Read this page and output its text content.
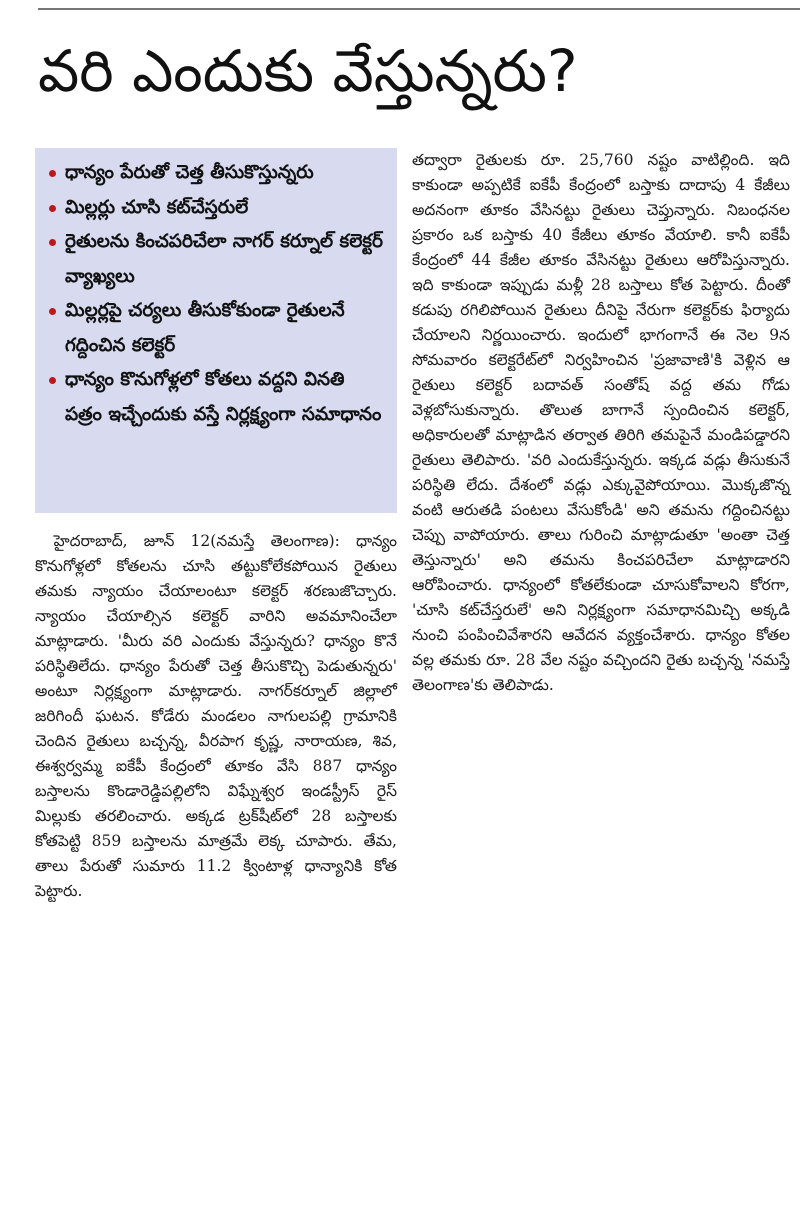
వరి ఎందుకు వేస్తున్నరు?
ధాన్యం పేరుతో చెత్త తీసుకొస్తున్నరు
మిల్లర్లు చూసి కట్‌చేస్తరులే
రైతులను కించపరిచేలా నాగర్ కర్నూల్ కలెక్టర్ వ్యాఖ్యలు
మిల్లర్లపై చర్యలు తీసుకోకుండా రైతులనే గద్దించిన కలెక్టర్
ధాన్యం కొనుగోళ్లలో కోతలు వద్దని వినతి పత్రం ఇచ్చేందుకు వస్తే నిర్లక్ష్యంగా సమాధానం

హైదరాబాద్, జూన్ 12(నమస్తే తెలంగాణ): ధాన్యం కొనుగోళ్లలో కోతలను చూసి తట్టుకోలేకపోయిన రైతులు తమకు న్యాయం చేయాలంటూ కలెక్టర్ శరణుజొచ్చారు. న్యాయం చేయాల్సిన కలెక్టర్ వారిని అవమానించేలా మాట్లాడారు. 'మీరు వరి ఎందుకు వేస్తున్నరు? ధాన్యం కొనే పరిస్థితిలేదు. ధాన్యం పేరుతో చెత్త తీసుకొచ్చి పెడుతున్నరు' అంటూ నిర్లక్ష్యంగా మాట్లాడారు. నాగర్‌కర్నూల్ జిల్లాలో జరిగిందీ ఘటన. కోడేరు మండలం నాగులపల్లి గ్రామానికి చెందిన రైతులు బచ్చన్న, వీరపాగ కృష్ణ, నారాయణ, శివ, ఈశ్వర్వమ్మ ఐకేపీ కేంద్రంలో తూకం వేసి 887 ధాన్యం బస్తాలను కొండారెడ్డిపల్లిలోని విఘ్నేశ్వర ఇండస్ట్రీస్ రైస్ మిల్లుకు తరలించారు. అక్కడ ట్రక్‌షీట్‌లో 28 బస్తాలకు కోతపెట్టి 859 బస్తాలను మాత్రమే లెక్క చూపారు. తేమ, తాలు పేరుతో సుమారు 11.2 క్వింటాళ్ల ధాన్యానికి కోత పెట్టారు.

తద్వారా రైతులకు రూ. 25,760 నష్టం వాటిల్లింది. ఇది కాకుండా అప్పటికే ఐకేపీ కేంద్రంలో బస్తాకు దాదాపు 4 కేజీలు అదనంగా తూకం వేసినట్టు రైతులు చెప్తున్నారు. నిబంధనల ప్రకారం ఒక బస్తాకు 40 కేజీలు తూకం వేయాలి. కానీ ఐకేపీ కేంద్రంలో 44 కేజీల తూకం వేసినట్టు రైతులు ఆరోపిస్తున్నారు. ఇది కాకుండా ఇప్పుడు మళ్లీ 28 బస్తాలు కోత పెట్టారు. దీంతో కడుపు రగిలిపోయిన రైతులు దీనిపై నేరుగా కలెక్టర్‌కు ఫిర్యాదు చేయాలని నిర్ణయించారు. ఇందులో భాగంగానే ఈ నెల 9న సోమవారం కలెక్టరేట్‌లో నిర్వహించిన 'ప్రజావాణి'కి వెళ్లిన ఆ రైతులు కలెక్టర్ బదావత్ సంతోష్ వద్ద తమ గోడు వెళ్లబోసుకున్నారు. తొలుత బాగానే స్పందించిన కలెక్టర్, అధికారులతో మాట్లాడిన తర్వాత తిరిగి తమపైనే మండిపడ్డారని రైతులు తెలిపారు. 'వరి ఎందుకేస్తున్నరు. ఇక్కడ వడ్లు తీసుకునే పరిస్థితి లేదు. దేశంలో వడ్లు ఎక్కువైపోయాయి. మొక్కజొన్న వంటి ఆరుతడి పంటలు వేసుకోండి' అని తమను గద్దించినట్టు చెప్పు వాపోయారు. తాలు గురించి మాట్లాడుతూ 'అంతా చెత్త తెస్తున్నారు' అని తమను కించపరిచేలా మాట్లాడారని ఆరోపించారు. ధాన్యంలో కోతలేకుండా చూసుకోవాలని కోరగా, 'చూసి కట్‌చేస్తరులే' అని నిర్లక్ష్యంగా సమాధానమిచ్చి అక్కడి నుంచి పంపించివేశారని ఆవేదన వ్యక్తంచేశారు. ధాన్యం కోతల వల్ల తమకు రూ. 28 వేల నష్టం వచ్చిందని రైతు బచ్చన్న 'నమస్తే తెలంగాణ'కు తెలిపాడు.
